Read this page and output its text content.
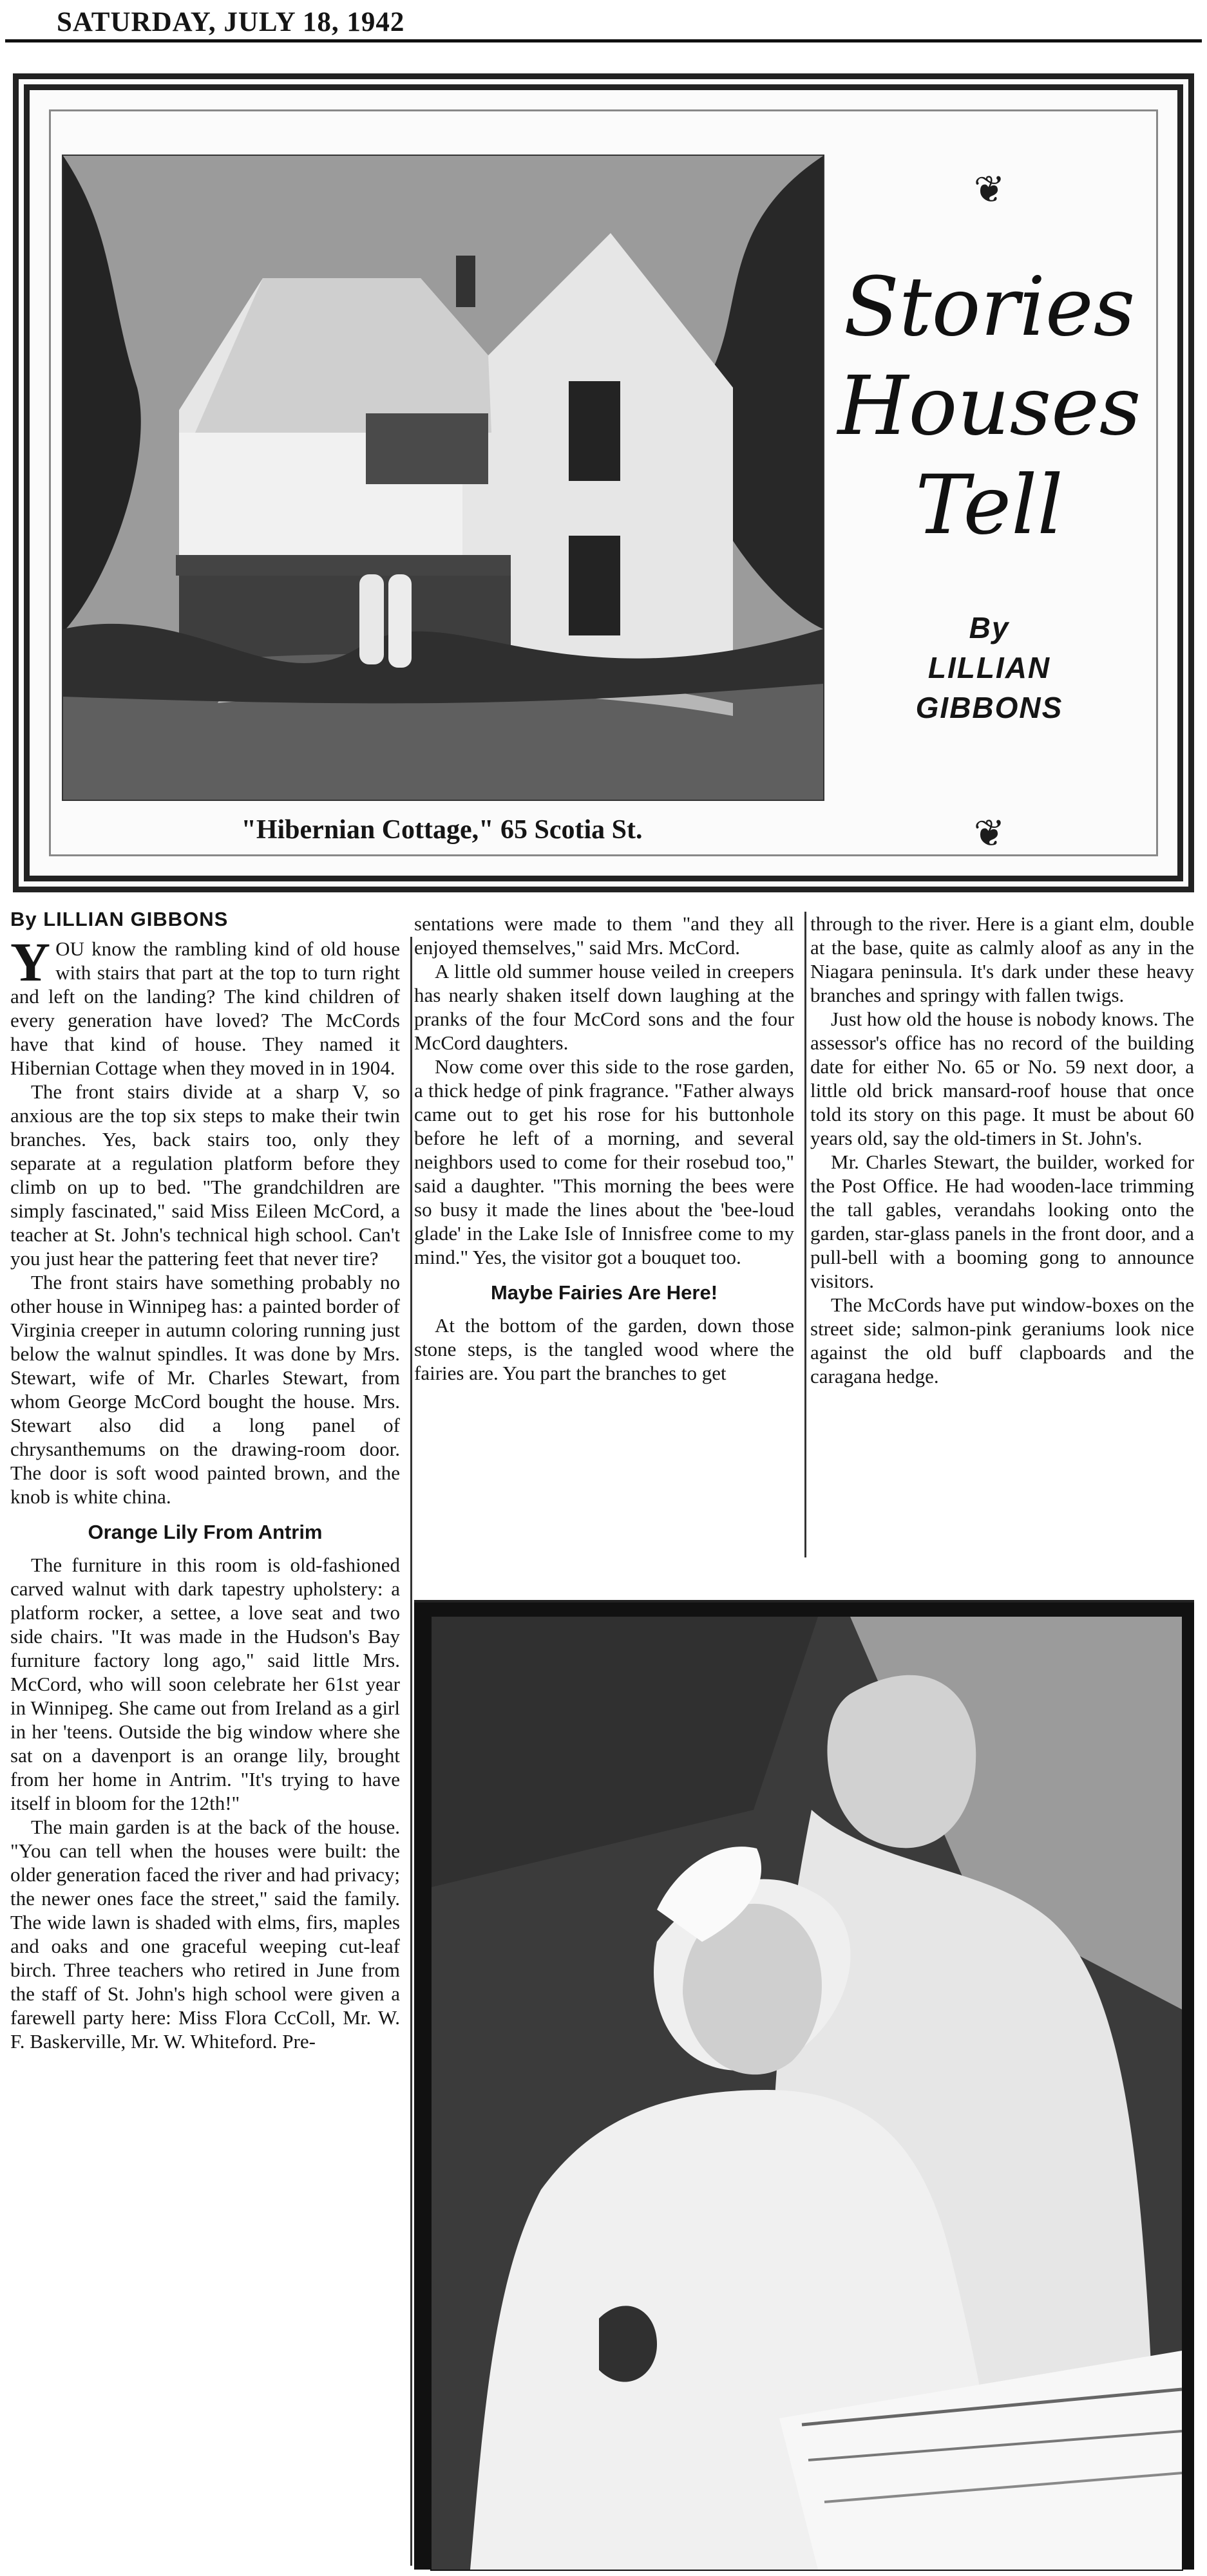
SATURDAY, JULY 18, 1942
"Hibernian Cottage," 65 Scotia St.
❦
Stories
Houses
Tell
By
LILLIAN
GIBBONS
❦
By LILLIAN GIBBONS

Y OU know the rambling kind of old house with stairs that part at the top to turn right and left on the landing? The kind children of every generation have loved? The McCords have that kind of house. They named it Hibernian Cottage when they moved in in 1904.

The front stairs divide at a sharp V, so anxious are the top six steps to make their twin branches. Yes, back stairs too, only they separate at a regulation platform before they climb on up to bed. "The grandchildren are simply fascinated," said Miss Eileen McCord, a teacher at St. John's technical high school. Can't you just hear the pattering feet that never tire?

The front stairs have something probably no other house in Winnipeg has: a painted border of Virginia creeper in autumn coloring running just below the walnut spindles. It was done by Mrs. Stewart, wife of Mr. Charles Stewart, from whom George McCord bought the house. Mrs. Stewart also did a long panel of chrysanthemums on the drawing-room door. The door is soft wood painted brown, and the knob is white china.

Orange Lily From Antrim

The furniture in this room is old-fashioned carved walnut with dark tapestry upholstery: a platform rocker, a settee, a love seat and two side chairs. "It was made in the Hudson's Bay furniture factory long ago," said little Mrs. McCord, who will soon celebrate her 61st year in Winnipeg. She came out from Ireland as a girl in her 'teens. Outside the big window where she sat on a davenport is an orange lily, brought from her home in Antrim. "It's trying to have itself in bloom for the 12th!"

The main garden is at the back of the house. "You can tell when the houses were built: the older generation faced the river and had privacy; the newer ones face the street," said the family. The wide lawn is shaded with elms, firs, maples and oaks and one graceful weeping cut-leaf birch. Three teachers who retired in June from the staff of St. John's high school were given a farewell party here: Miss Flora CcColl, Mr. W. F. Baskerville, Mr. W. Whiteford. Pre-

sentations were made to them "and they all enjoyed themselves," said Mrs. McCord.

A little old summer house veiled in creepers has nearly shaken itself down laughing at the pranks of the four McCord sons and the four McCord daughters.

Now come over this side to the rose garden, a thick hedge of pink fragrance. "Father always came out to get his rose for his buttonhole before he left of a morning, and several neighbors used to come for their rosebud too," said a daughter. "This morning the bees were so busy it made the lines about the 'bee-loud glade' in the Lake Isle of Innisfree come to my mind." Yes, the visitor got a bouquet too.

Maybe Fairies Are Here!

At the bottom of the garden, down those stone steps, is the tangled wood where the fairies are. You part the branches to get

through to the river. Here is a giant elm, double at the base, quite as calmly aloof as any in the Niagara peninsula. It's dark under these heavy branches and springy with fallen twigs.

Just how old the house is nobody knows. The assessor's office has no record of the building date for either No. 65 or No. 59 next door, a little old brick mansard-roof house that once told its story on this page. It must be about 60 years old, say the old-timers in St. John's.

Mr. Charles Stewart, the builder, worked for the Post Office. He had wooden-lace trimming the tall gables, verandahs looking onto the garden, star-glass panels in the front door, and a pull-bell with a booming gong to announce visitors.

The McCords have put window-boxes on the street side; salmon-pink geraniums look nice against the old buff clapboards and the caragana hedge.
